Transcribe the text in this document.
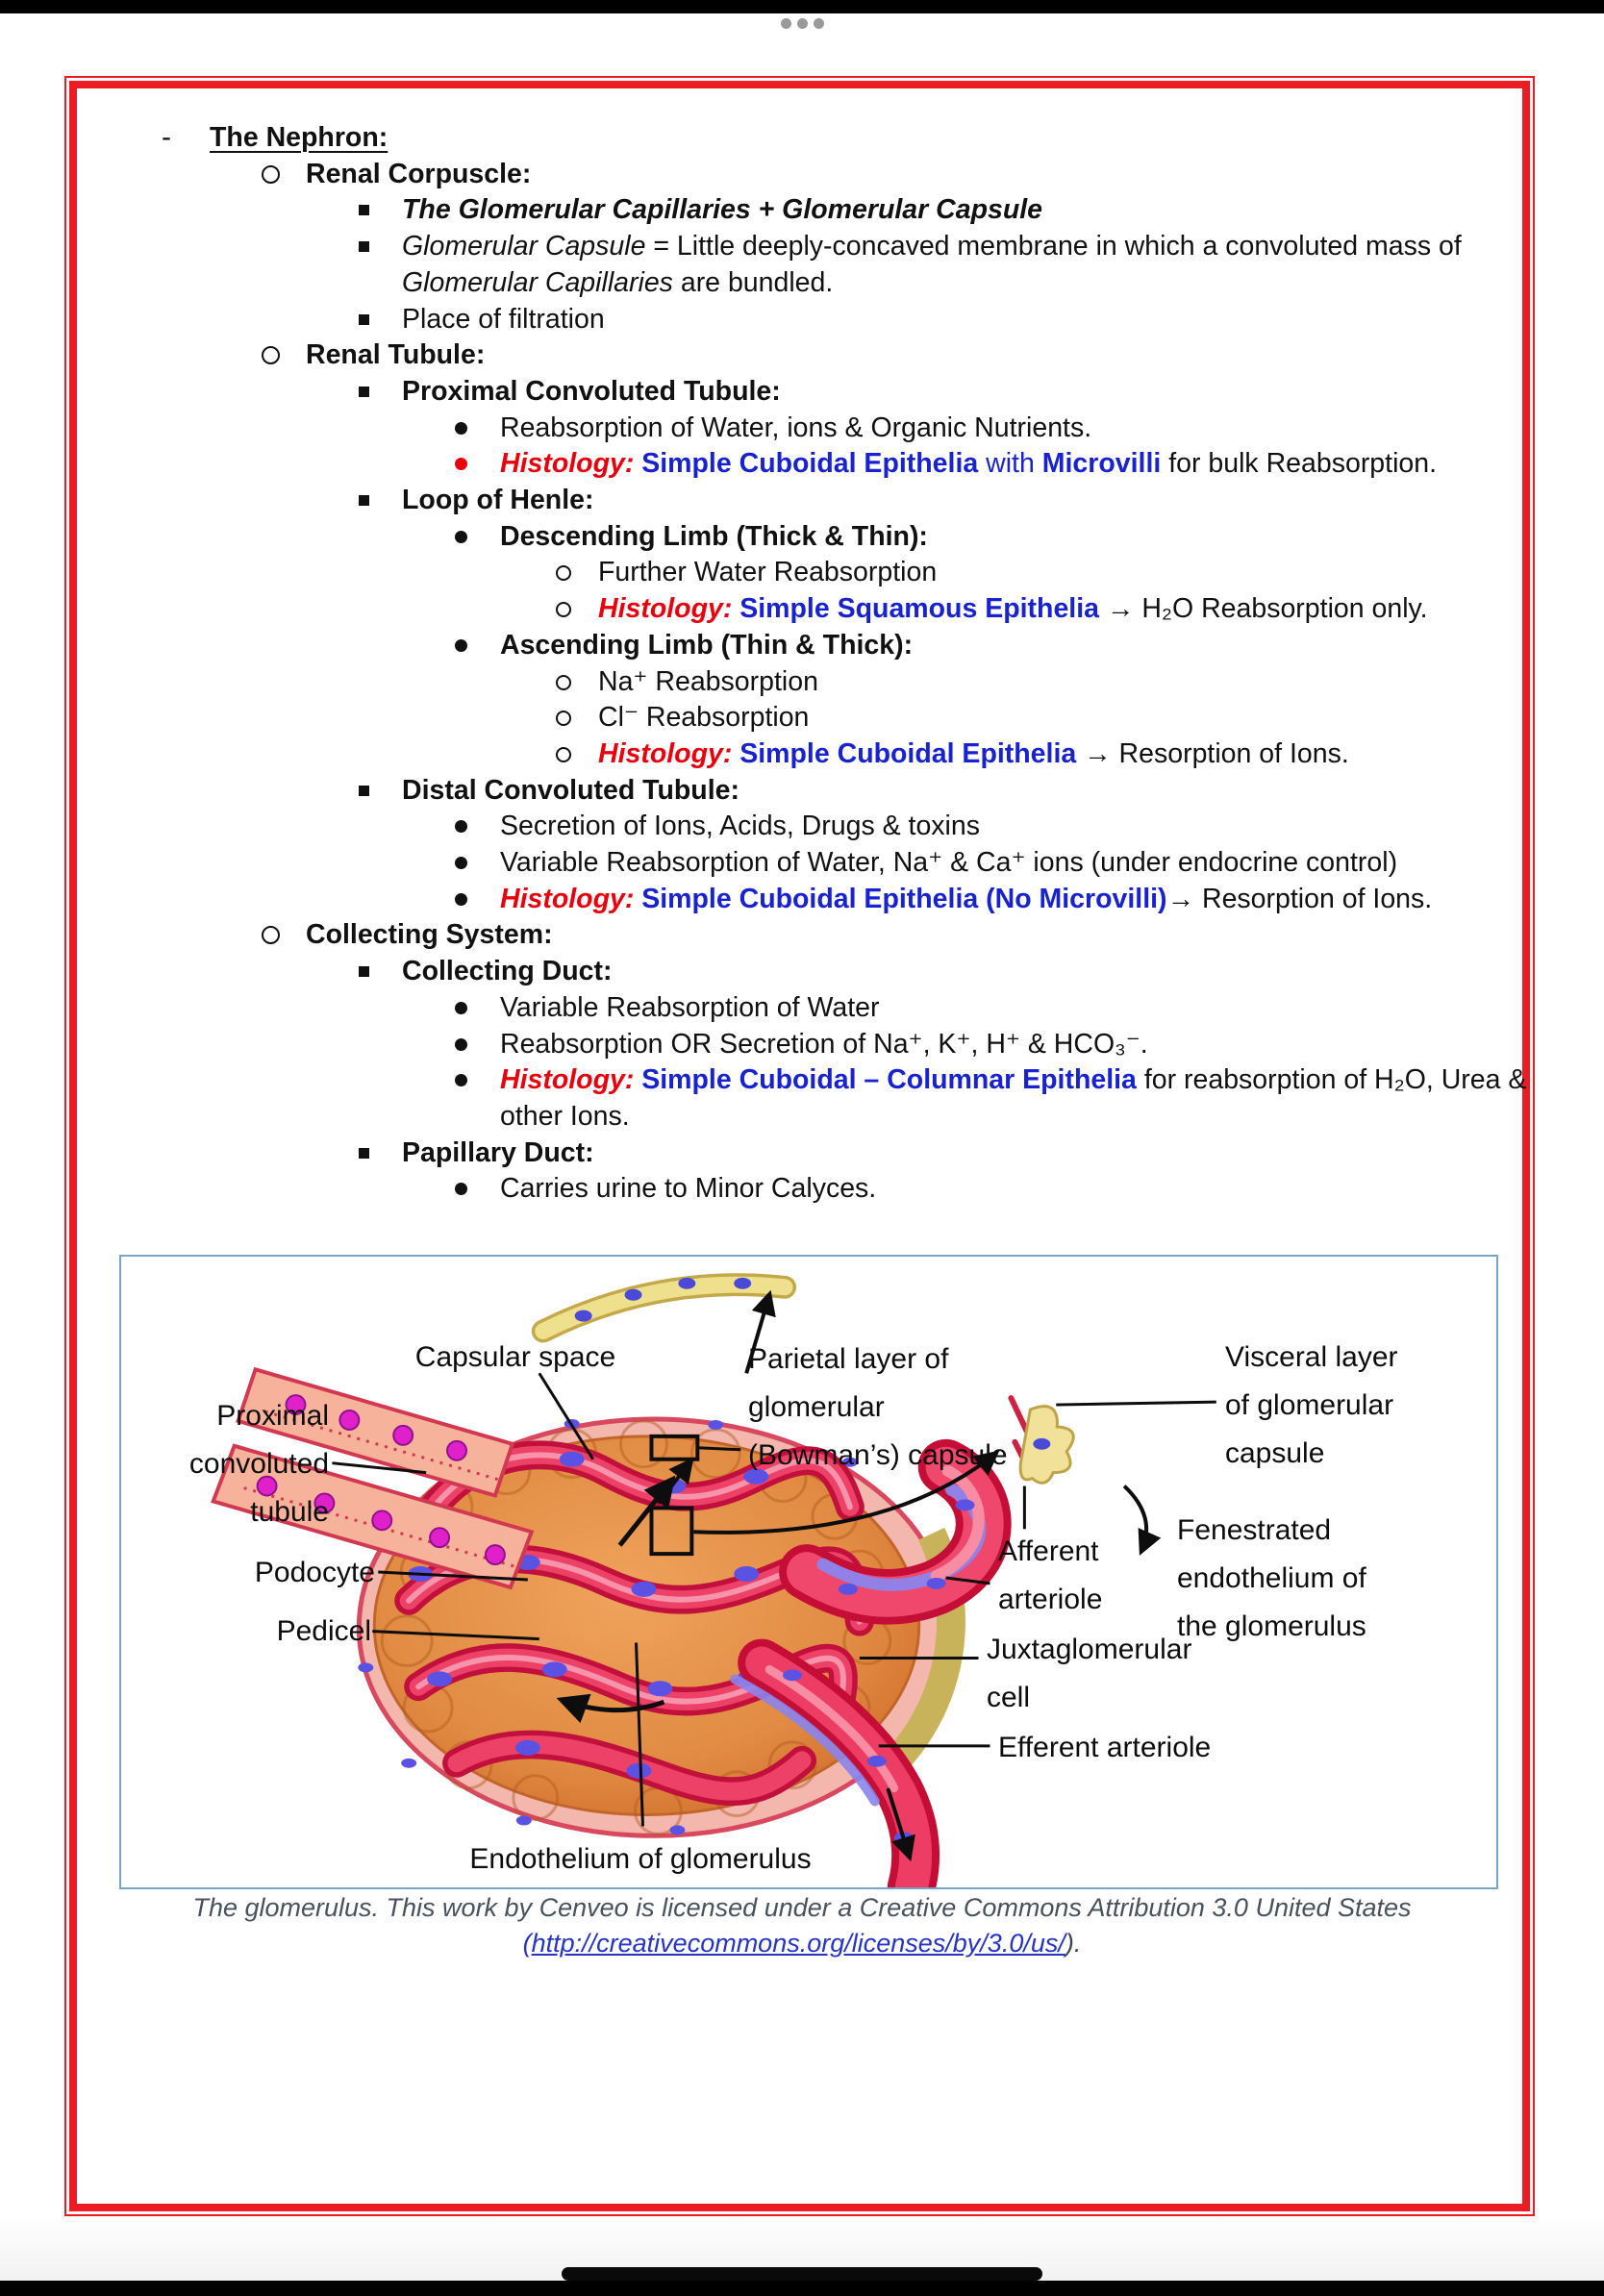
- The Nephron:
Renal Corpuscle:
The Glomerular Capillaries + Glomerular Capsule
Glomerular Capsule = Little deeply-concaved membrane in which a convoluted mass of
Glomerular Capillaries are bundled.
Place of filtration
Renal Tubule:
Proximal Convoluted Tubule:
Reabsorption of Water, ions & Organic Nutrients.
Histology: Simple Cuboidal Epithelia with Microvilli for bulk Reabsorption.
Loop of Henle:
Descending Limb (Thick & Thin):
Further Water Reabsorption
Histology: Simple Squamous Epithelia → H₂O Reabsorption only.
Ascending Limb (Thin & Thick):
Na⁺ Reabsorption
Cl⁻ Reabsorption
Histology: Simple Cuboidal Epithelia → Resorption of Ions.
Distal Convoluted Tubule:
Secretion of Ions, Acids, Drugs & toxins
Variable Reabsorption of Water, Na⁺ & Ca⁺ ions (under endocrine control)
Histology: Simple Cuboidal Epithelia (No Microvilli)→ Resorption of Ions.
Collecting System:
Collecting Duct:
Variable Reabsorption of Water
Reabsorption OR Secretion of Na⁺, K⁺, H⁺ & HCO₃⁻.
Histology: Simple Cuboidal – Columnar Epithelia for reabsorption of H₂O, Urea &
other Ions.
Papillary Duct:
Carries urine to Minor Calyces.
Capsular space
Proximal
convoluted
tubule
Podocyte
Pedicel
Parietal layer of
glomerular
(Bowman’s) capsule
Visceral layer
of glomerular
capsule
Fenestrated
endothelium of
the glomerulus
Afferent
arteriole
Juxtaglomerular
cell
Efferent arteriole
Endothelium of glomerulus
The glomerulus. This work by Cenveo is licensed under a Creative Commons Attribution 3.0 United States
(http://creativecommons.org/licenses/by/3.0/us/).
